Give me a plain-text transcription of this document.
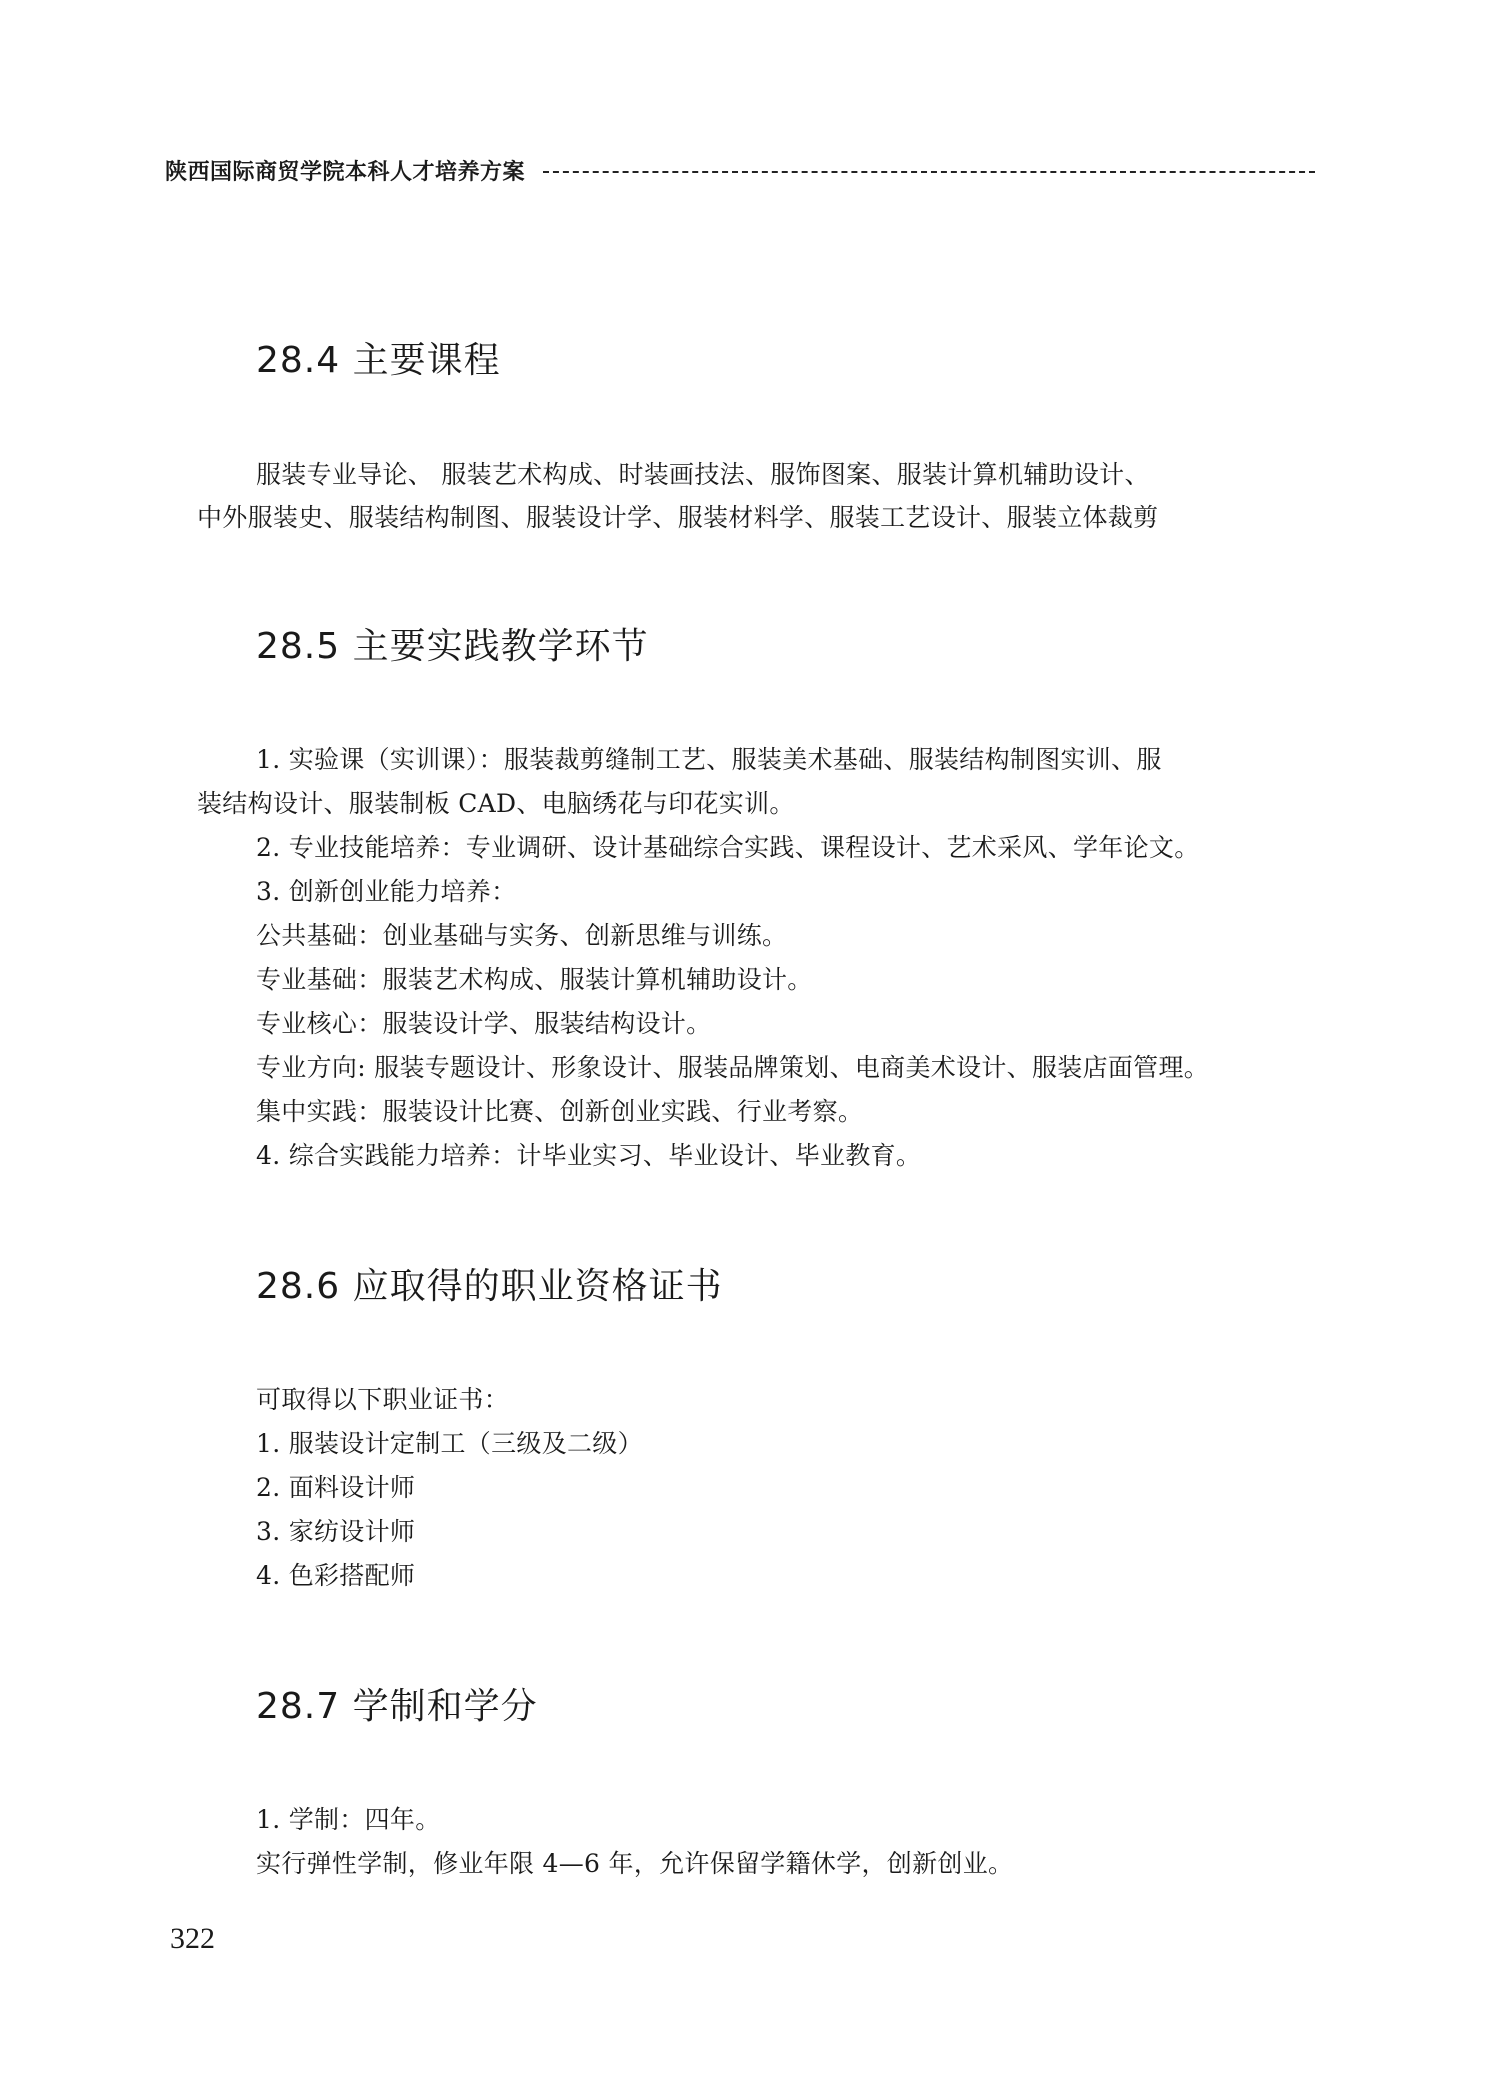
陕西国际商贸学院本科人才培养方案
28.4 主要课程

服装专业导论、 服装艺术构成、时装画技法、服饰图案、服装计算机辅助设计、

中外服装史、服装结构制图、服装设计学、服装材料学、服装工艺设计、服装立体裁剪

28.5 主要实践教学环节

1. 实验课（实训课）：服装裁剪缝制工艺、服装美术基础、服装结构制图实训、服

装结构设计、服装制板 CAD、电脑绣花与印花实训。

2. 专业技能培养：专业调研、设计基础综合实践、课程设计、艺术采风、学年论文。

3. 创新创业能力培养：

公共基础：创业基础与实务、创新思维与训练。

专业基础：服装艺术构成、服装计算机辅助设计。

专业核心：服装设计学、服装结构设计。

专业方向: 服装专题设计、形象设计、服装品牌策划、电商美术设计、服装店面管理。

集中实践：服装设计比赛、创新创业实践、行业考察。

4. 综合实践能力培养：计毕业实习、毕业设计、毕业教育。

28.6 应取得的职业资格证书

可取得以下职业证书：

1. 服装设计定制工（三级及二级）

2. 面料设计师

3. 家纺设计师

4. 色彩搭配师

28.7 学制和学分

1. 学制：四年。

实行弹性学制，修业年限 4—6 年，允许保留学籍休学，创新创业。

322
